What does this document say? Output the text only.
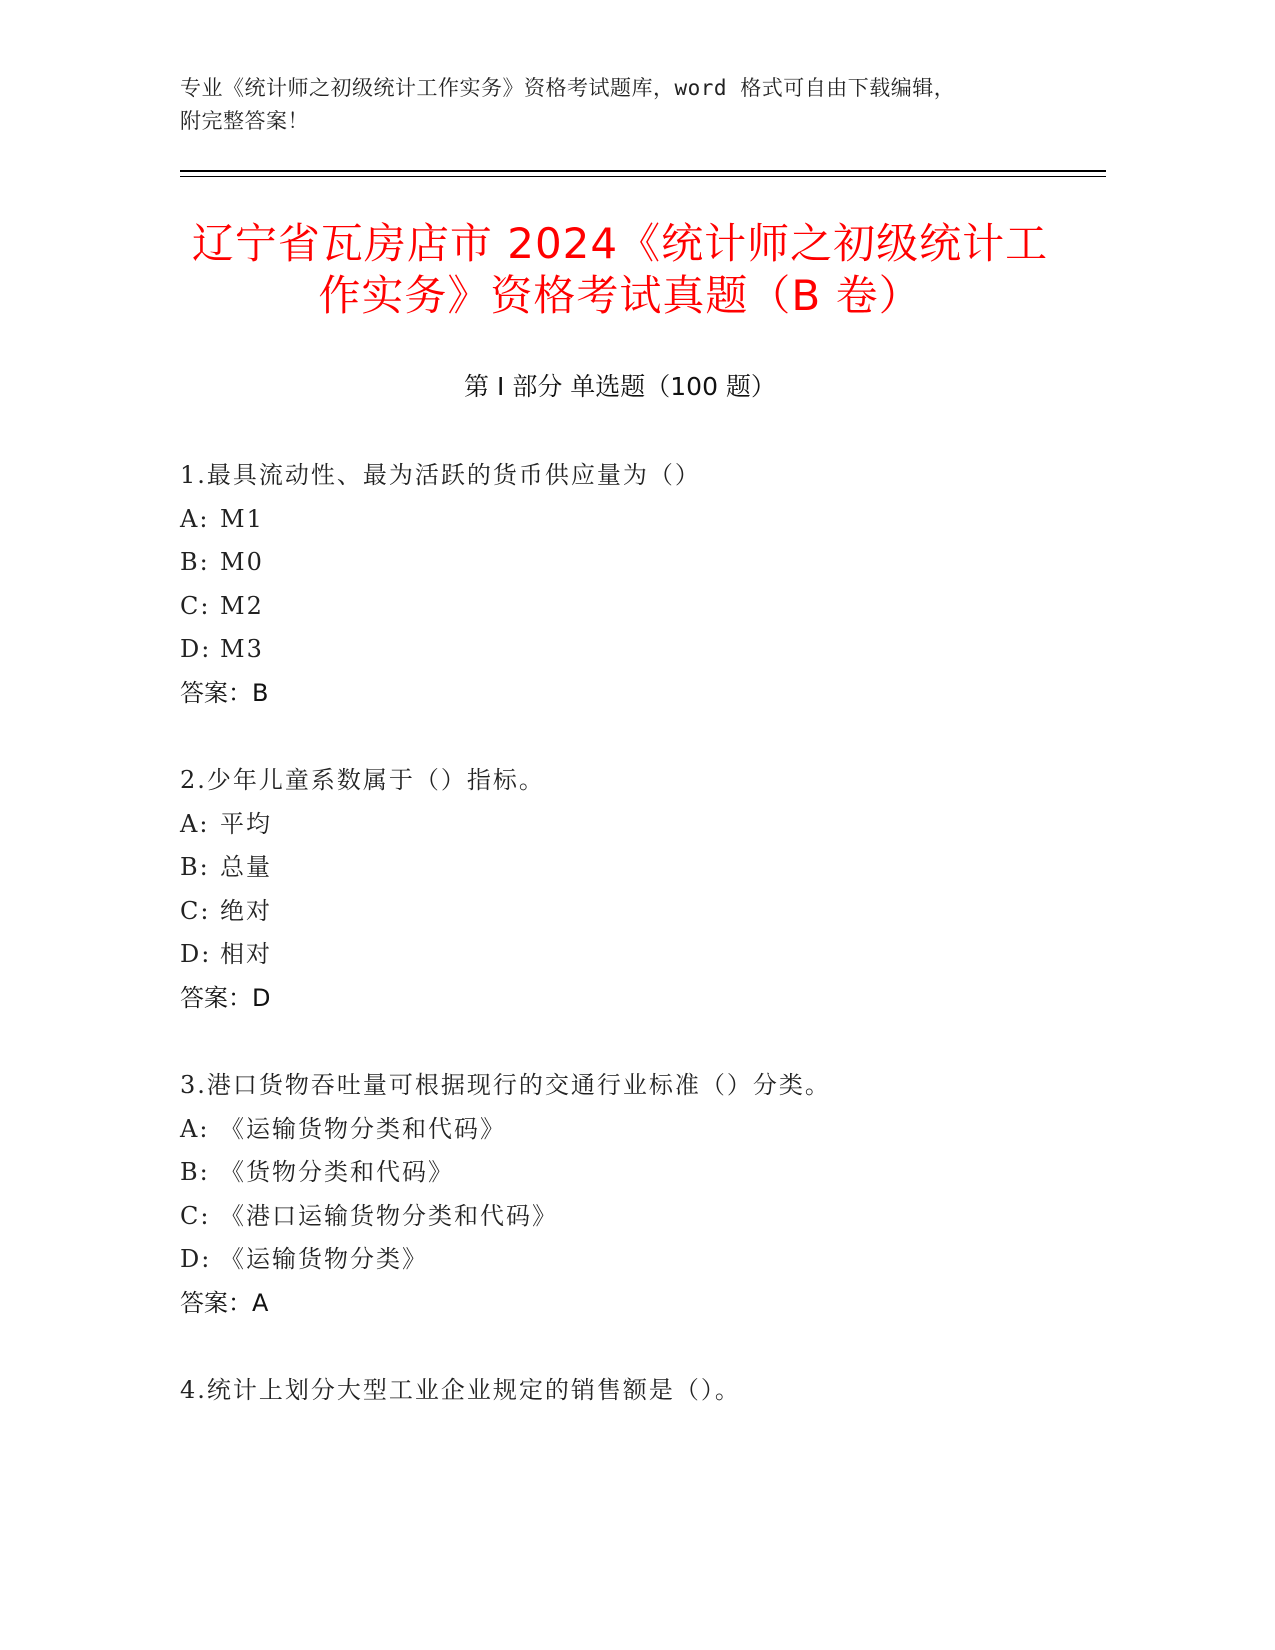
专业《统计师之初级统计工作实务》资格考试题库，word 格式可自由下载编辑，
附完整答案！
辽宁省瓦房店市 2024《统计师之初级统计工
作实务》资格考试真题（B 卷）
第 I 部分 单选题（100 题）
1.最具流动性、最为活跃的货币供应量为（）
A: M1
B: M0
C: M2
D: M3
答案：B
2.少年儿童系数属于（）指标。
A: 平均
B: 总量
C: 绝对
D: 相对
答案：D
3.港口货物吞吐量可根据现行的交通行业标准（）分类。
A: 《运输货物分类和代码》
B: 《货物分类和代码》
C: 《港口运输货物分类和代码》
D: 《运输货物分类》
答案：A
4.统计上划分大型工业企业规定的销售额是（）。
